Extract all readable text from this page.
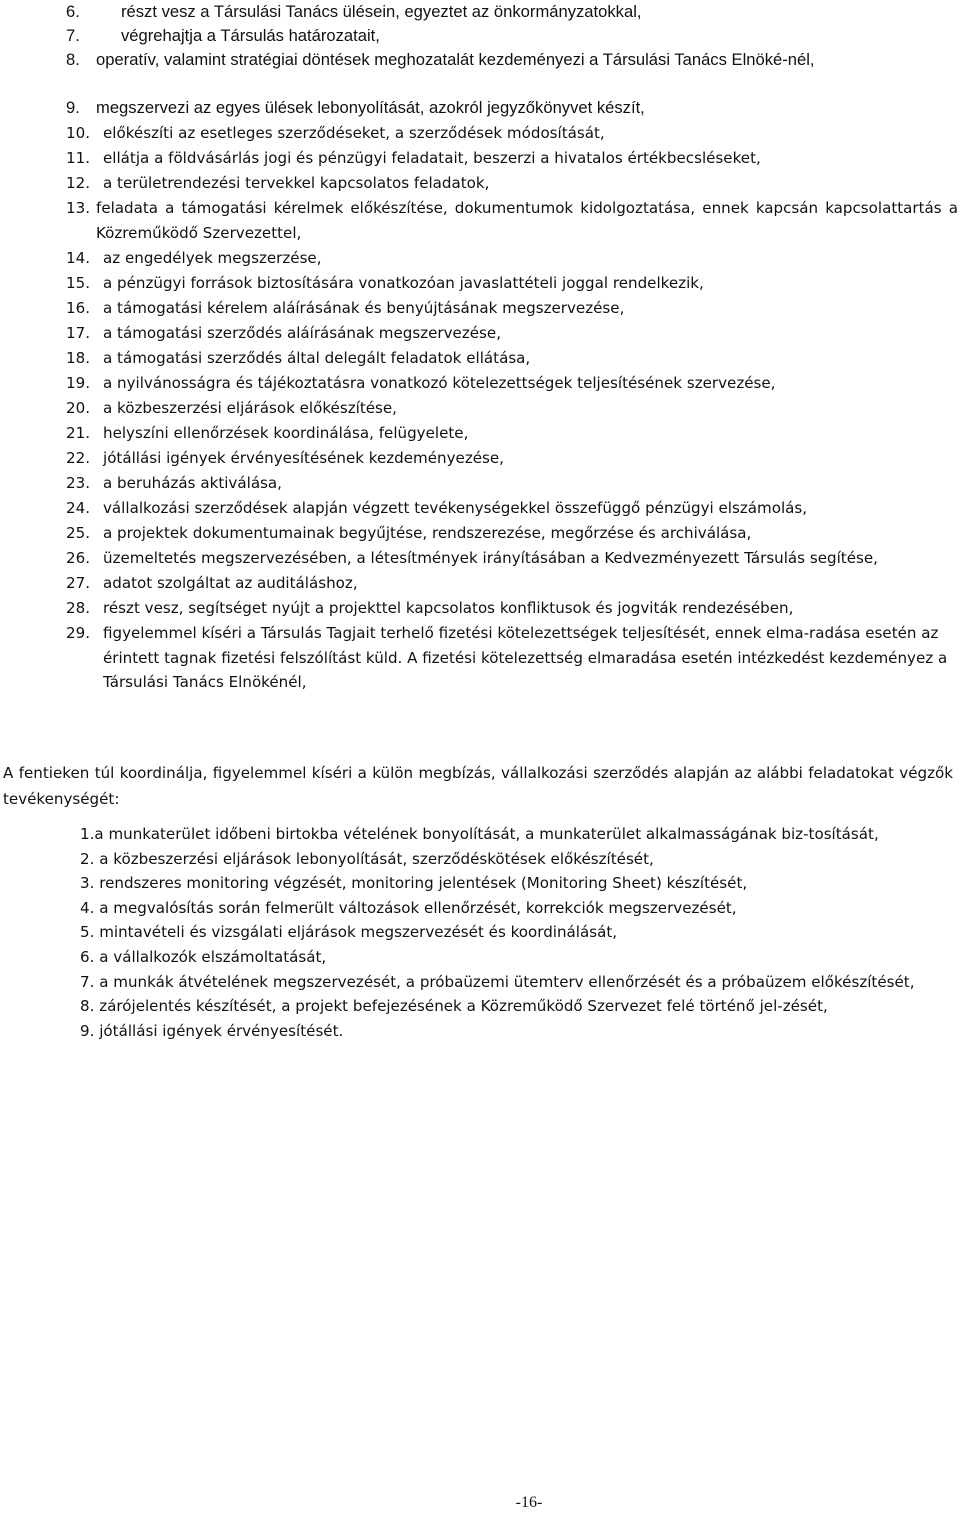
6.	részt vesz a Társulási Tanács ülésein, egyeztet az önkormányzatokkal,
7.	végrehajtja a Társulás határozatait,
8. operatív, valamint stratégiai döntések meghozatalát kezdeményezi a Társulási Tanács Elnöké-nél,
9. megszervezi az egyes ülések lebonyolítását, azokról jegyzőkönyvet készít,
10. előkészíti az esetleges szerződéseket, a szerződések módosítását,
11. ellátja a földvásárlás jogi és pénzügyi feladatait, beszerzi a hivatalos értékbecsléseket,
12. a területrendezési tervekkel kapcsolatos feladatok,
13. feladata a támogatási kérelmek előkészítése, dokumentumok kidolgoztatása, ennek kapcsán kapcsolattartás a Közreműködő Szervezettel,
14. az engedélyek megszerzése,
15. a pénzügyi források biztosítására vonatkozóan javaslattételi joggal rendelkezik,
16. a támogatási kérelem aláírásának és benyújtásának megszervezése,
17. a támogatási szerződés aláírásának megszervezése,
18. a támogatási szerződés által delegált feladatok ellátása,
19. a nyilvánosságra és tájékoztatásra vonatkozó kötelezettségek teljesítésének szervezése,
20. a közbeszerzési eljárások előkészítése,
21. helyszíni ellenőrzések koordinálása, felügyelete,
22. jótállási igények érvényesítésének kezdeményezése,
23. a beruházás aktiválása,
24. vállalkozási szerződések alapján végzett tevékenységekkel összefüggő pénzügyi elszámolás,
25. a projektek dokumentumainak begyűjtése, rendszerezése, megőrzése és archiválása,
26. üzemeltetés megszervezésében, a létesítmények irányításában a Kedvezményezett Társulás segítése,
27. adatot szolgáltat az auditáláshoz,
28. részt vesz, segítséget nyújt a projekttel kapcsolatos konfliktusok és jogviták rendezésében,
29. figyelemmel kíséri a Társulás Tagjait terhelő fizetési kötelezettségek teljesítését, ennek elma-radása esetén az érintett tagnak fizetési felszólítást küld. A fizetési kötelezettség elmaradása esetén intézkedést kezdeményez a Társulási Tanács Elnökénél,

A fentieken túl koordinálja, figyelemmel kíséri a külön megbízás, vállalkozási szerződés alapján az alábbi feladatokat végzők tevékenységét:

1.a munkaterület időbeni birtokba vételének bonyolítását, a munkaterület alkalmasságának biz-tosítását,
2. a közbeszerzési eljárások lebonyolítását, szerződéskötések előkészítését,
3. rendszeres monitoring végzését, monitoring jelentések (Monitoring Sheet) készítését,
4. a megvalósítás során felmerült változások ellenőrzését, korrekciók megszervezését,
5. mintavételi és vizsgálati eljárások megszervezését és koordinálását,
6. a vállalkozók elszámoltatását,
7. a munkák átvételének megszervezését, a próbaüzemi ütemterv ellenőrzését és a próbaüzem előkészítését,
8. zárójelentés készítését, a projekt befejezésének a Közreműködő Szervezet felé történő jel-zését,
9. jótállási igények érvényesítését.
-16-
